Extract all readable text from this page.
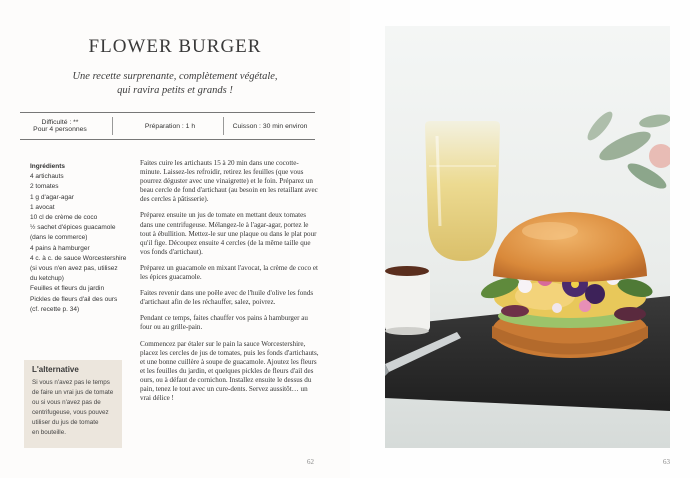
FLOWER BURGER
Une recette surprenante, complètement végétale,
qui ravira petits et grands !
Difficulté : **
Pour 4 personnes	Préparation : 1 h	Cuisson : 30 min environ
Ingrédients
4 artichauts
2 tomates
1 g d'agar-agar
1 avocat
10 cl de crème de coco
½ sachet d'épices guacamole
(dans le commerce)
4 pains à hamburger
4 c. à c. de sauce Worcestershire
(si vous n'en avez pas, utilisez
du ketchup)
Feuilles et fleurs du jardin
Pickles de fleurs d'ail des ours
(cf. recette p. 34)
L'alternative
Si vous n'avez pas le temps
de faire un vrai jus de tomate
ou si vous n'avez pas de
centrifugeuse, vous pouvez
utiliser du jus de tomate
en bouteille.

Faites cuire les artichauts 15 à 20 min dans une cocotte-minute. Laissez-les refroidir, retirez les feuilles (que vous pourrez déguster avec une vinaigrette) et le foin. Préparez un beau cercle de fond d'artichaut (au besoin en les retaillant avec des cercles à pâtisserie).

Préparez ensuite un jus de tomate en mettant deux tomates dans une centrifugeuse. Mélangez-le à l'agar-agar, portez le tout à ébullition. Mettez-le sur une plaque ou dans le plat pour qu'il fige. Découpez ensuite 4 cercles (de la même taille que vos fonds d'artichaut).

Préparez un guacamole en mixant l'avocat, la crème de coco et les épices guacamole.

Faites revenir dans une poêle avec de l'huile d'olive les fonds d'artichaut afin de les réchauffer, salez, poivrez.

Pendant ce temps, faites chauffer vos pains à hamburger au four ou au grille-pain.

Commencez par étaler sur le pain la sauce Worcestershire, placez les cercles de jus de tomates, puis les fonds d'artichauts, et une bonne cuillère à soupe de guacamole. Ajoutez les fleurs et les feuilles du jardin, et quelques pickles de fleurs d'ail des ours, ou à défaut de cornichon. Installez ensuite le dessus du pain, tenez le tout avec un cure-dents. Servez aussitôt… un vrai délice !

62	63
